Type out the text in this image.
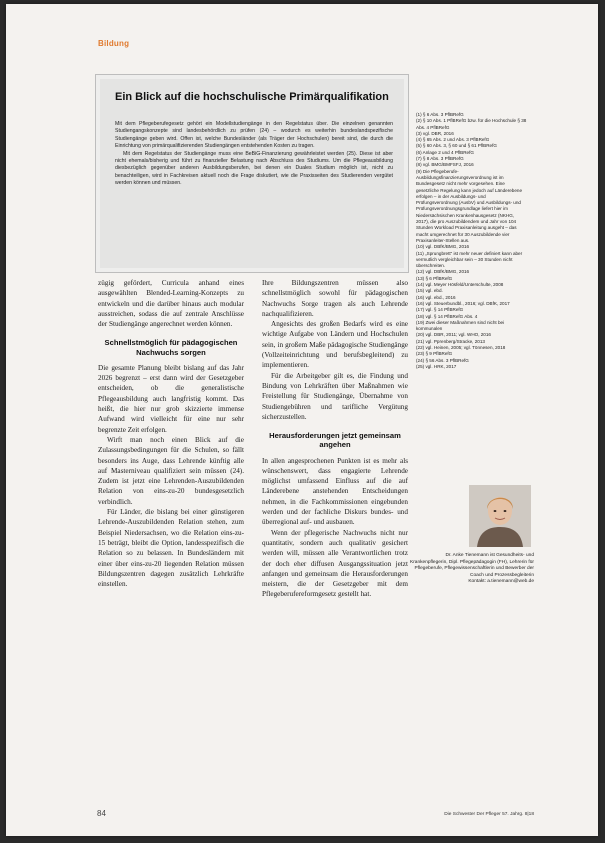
Bildung
Ein Blick auf die hochschulische Primärqualifikation

Mit dem Pflegeberufegesetz gehört ein Modellstudiengänge in den Regelstatus über. Die einzelnen genannten Studiengangskonzepte sind landesbehördlich zu prüfen (24) – wodurch es weiterhin bundeslandspezifische Studiengänge geben wird. Offen ist, welche Bundesländer (als Träger der Hochschulen) bereit sind, die durch die Einrichtung von primärqualifizierenden Studiengängen entstehenden Kosten zu tragen.

Mit dem Regelstatus der Studiengänge muss eine BeBiG-Finanzierung gewährleistet werden (25). Diese ist aber nicht ehemals/bisherig und führt zu finanzieller Belastung nach Abschluss des Studiums. Um die Pflegeausbildung diesbezüglich gegenüber anderen Ausbildungsberufen, bei denen ein Duales Studium möglich ist, nicht zu benachteiligen, wird in Fachkreisen aktuell noch die Frage diskutiert, wie die Praxisseiten des Studierenden vergütet werden können und müssen.

zügig gefördert, Curricula anhand eines ausgewählten Blended-Learning-Konzepts zu entwickeln und die darüber hinaus auch modular ausstreichen, sodass die auf zentrale Anschlüsse der Studiengänge angerechnet werden können.

Schnellstmöglich für pädagogischen Nachwuchs sorgen

Die gesamte Planung bleibt bislang auf das Jahr 2026 begrenzt – erst dann wird der Gesetzgeber entscheiden, ob die generalistische Pflegeausbildung auch langfristig kommt. Das heißt, die hier nur grob skizzierte immense Aufwand wird vielleicht für eine nur sehr begrenzte Zeit erfolgen.

Wirft man noch einen Blick auf die Zulassungsbedingungen für die Schulen, so fällt besonders ins Auge, dass Lehrende künftig alle auf Masterniveau qualifiziert sein müssen (24). Zudem ist jetzt eine Lehrenden-Auszubildenden Relation von eins-zu-20 bundesgesetzlich verbindlich.

Für Länder, die bislang bei einer günstigeren Lehrende-Auszubildenden Relation stehen, zum Beispiel Niedersachsen, wo die Relation eins-zu-15 beträgt, bleibt die Option, landesspezifisch die Relation so zu belassen. In Bundesländern mit einer über eins-zu-20 liegenden Relation müssen Bildungszentren dagegen zusätzlich Lehrkräfte einstellen.

Ihre Bildungszentren müssen also schnellstmöglich sowohl für pädagogischen Nachwuchs Sorge tragen als auch Lehrende nachqualifizieren.

Angesichts des großen Bedarfs wird es eine wichtige Aufgabe von Ländern und Hochschulen sein, in großem Maße pädagogische Studiengänge (Vollzeiteinrichtung und berufsbegleitend) zu implementieren.

Für die Arbeitgeber gilt es, die Findung und Bindung von Lehrkräften über Maßnahmen wie Freistellung für Studiengänge, Übernahme von Studiengebühren und tarifliche Vergütung sicherzustellen.

Herausforderungen jetzt gemeinsam angehen

In allen angesprochenen Punkten ist es mehr als wünschenswert, dass engagierte Lehrende möglichst umfassend Einfluss auf die auf Länderebene anstehenden Entscheidungen nehmen, in die Fachkommissionen eingebunden werden und der fachliche Diskurs bundes- und überregional auf- und ausbauen.

Wenn der pflegerische Nachwuchs nicht nur quantitativ, sondern auch qualitativ gesichert werden will, müssen alle Verantwortlichen trotz der doch eher diffusen Ausgangssituation jetzt anfangen und gemeinsam die Herausforderungen meistern, die der Gesetzgeber mit dem Pflegeberufereformgesetz gestellt hat.

(1) § 6 Abs. 3 PflBRefG
(2) § 10 Abs. 1 PflBRefG bzw. für die Hochschule § 38 Abs. 4 PflBRefG
(3) vgl. DBR, 2016
(4) § 65 Abs. 2 und Abs. 3 PflBRefG
(5) § 60 Abs. 3, § 60 und § 61 PflBRefG
(6) Anlage 2 und 4 PflBRefG
(7) § 8 Abs. 3 PflBRefG
(8) vgl. BMG/BMFSFJ, 2016
(9) Die Pflegeberufe-Ausbildungsfinanzierungsverordnung ist im Bundesgesetz nicht mehr vorgesehen. Eine gesetzliche Regelung kann jedoch auf Länderebene erfolgen – in der Ausbildungs- und Prüfungsverordnung (AusbV) und Ausbildungs- und Prüfungsverordnungsgrundlage liefert hier im Niedersächsischen Krankenhausgesetz (NKHG, 2017), die pro Auszubildendem und Jahr von 104 Stunden Workload Praxisanleitung ausgeht – das macht umgerechnet für 30 Auszubildende vier Praxisanleiter-Stellen aus.
(10) vgl. DBfK/BMG, 2016
(11) „Sprungbrett“ ist mehr neuer definiert kann aber vermutlich vergleichbar sein – 30 Stunden nicht überschreiten.
(12) vgl. DBfK/BMG, 2016
(13) § 6 PflBRefG
(14) vgl. Meyer Hösfeld/Unterschulte, 2008
(15) vgl. ebd.
(16) vgl. ebd., 2016
(16) vgl. Steuerbundbl., 2016; vgl. DBfK, 2017
(17) vgl. § 14 PflBRefG
(18) vgl. § 14 PflBRefG Abs. 4
(19) Zwei dieser Maßnahmen sind nicht bei kommunalen
(20) vgl. DBR, 2011; vgl. WHO, 2016
(21) vgl. Pprenberg/Stracke, 2013
(22) vgl. Heinen, 2005; vgl. Tönnesen, 2018
(23) § 9 PflBRefG
(24) § 56 Abs. 3 PflBRefG
(25) vgl. HRK, 2017
Dr. Anke Tienemann ist Gesundheits- und Krankenpflegerin, Dipl. Pflegepädagogin (FH), Lehrerin für Pflegeberufe, Pflegewissenschaftlerin und Bewerber der Coach und Prozessbegleiterin
Kontakt: a.tienemann@web.de
84	Die Schwester Der Pfleger 57. Jahrg. 8|18
